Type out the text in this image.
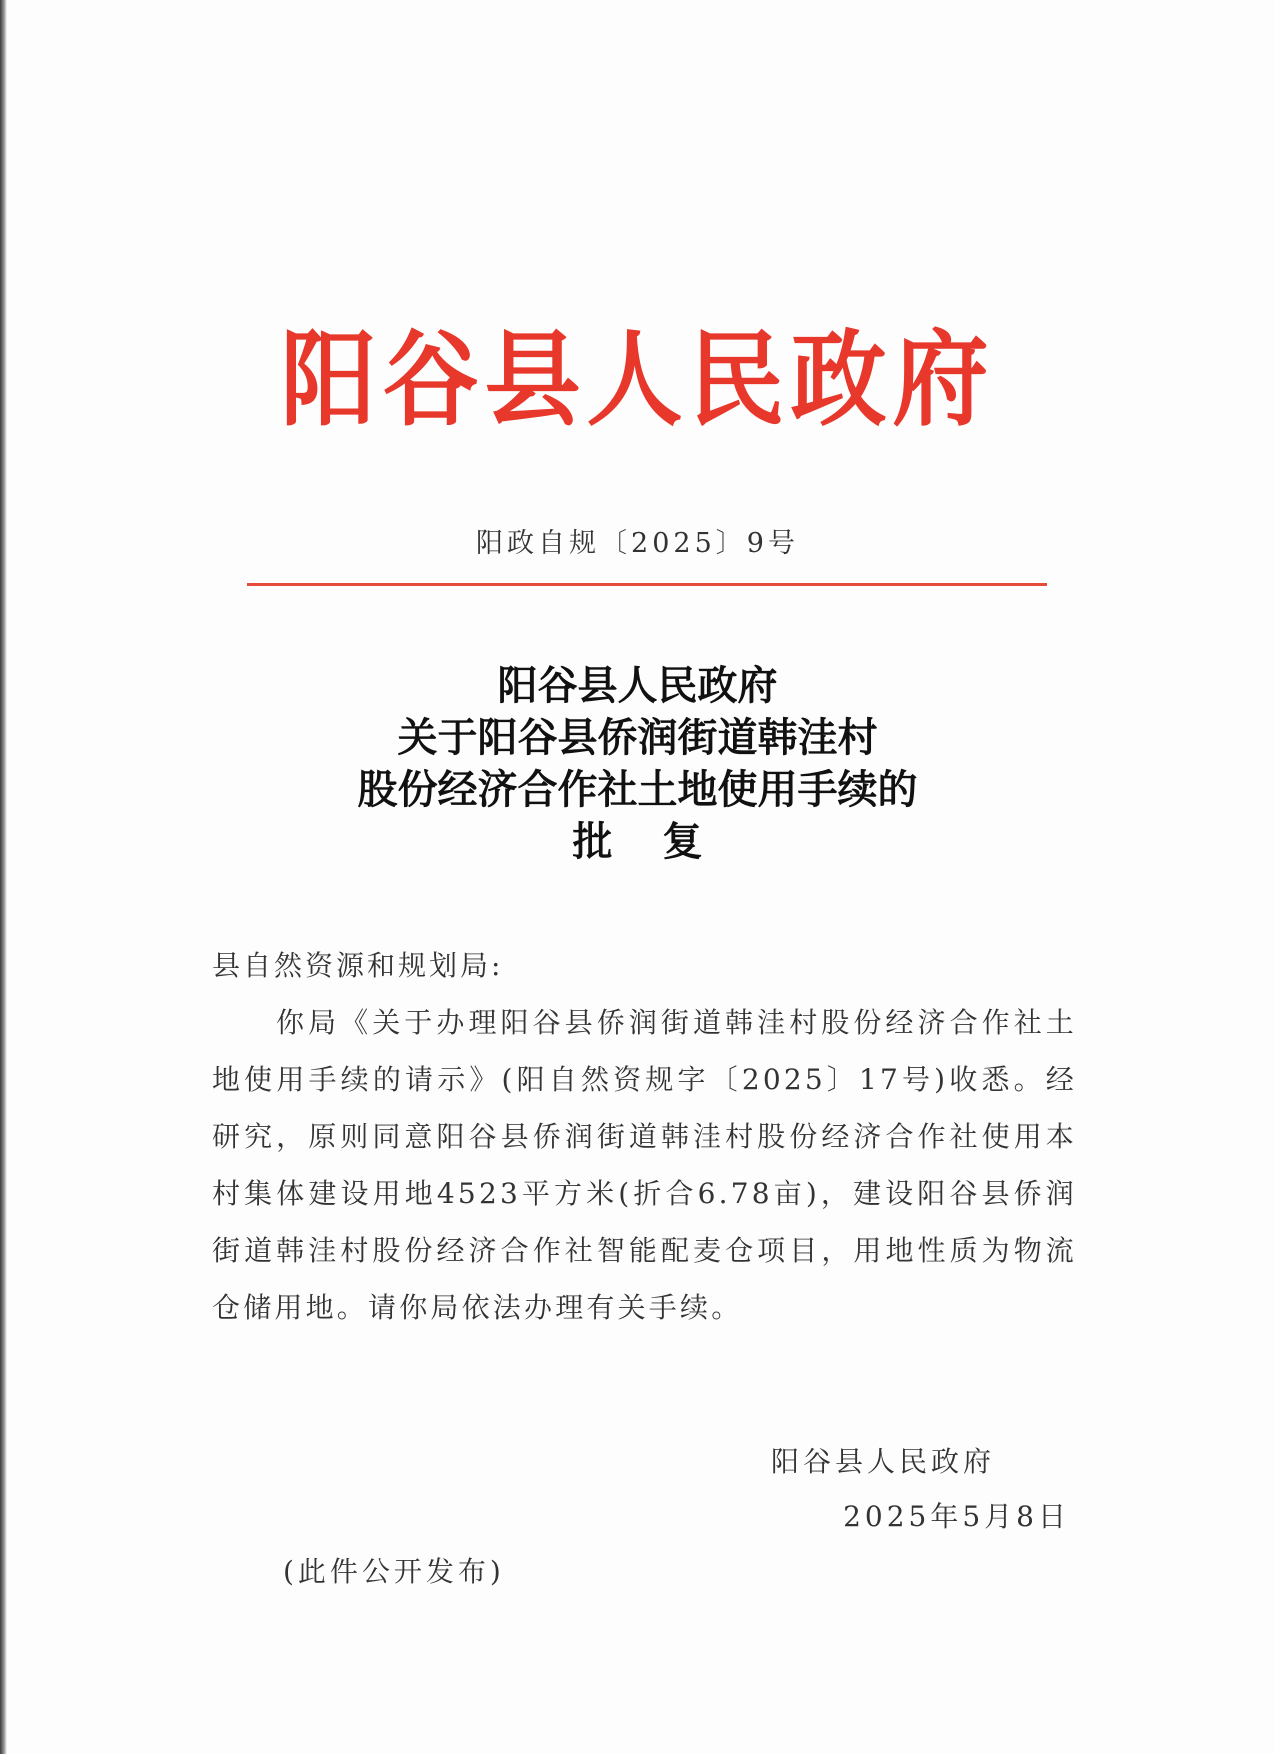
阳谷县人民政府
阳政自规〔2025〕9号
阳谷县人民政府
关于阳谷县侨润街道韩洼村
股份经济合作社土地使用手续的
批复
县自然资源和规划局:

你局《关于办理阳谷县侨润街道韩洼村股份经济合作社土地使用手续的请示》(阳自然资规字〔2025〕17号)收悉。经研究，原则同意阳谷县侨润街道韩洼村股份经济合作社使用本村集体建设用地4523平方米(折合6.78亩)，建设阳谷县侨润街道韩洼村股份经济合作社智能配麦仓项目，用地性质为物流仓储用地。请你局依法办理有关手续。

阳谷县人民政府
2025年5月8日
(此件公开发布)
